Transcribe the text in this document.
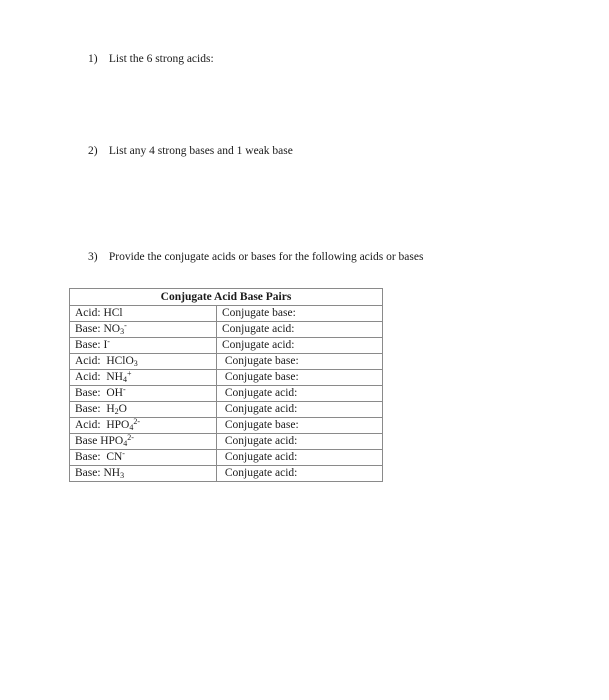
1) List the 6 strong acids:
2) List any 4 strong bases and 1 weak base
3) Provide the conjugate acids or bases for the following acids or bases
Conjugate Acid Base Pairs	
Acid: HCl	Conjugate base:
Base: $NO_3^-$	Conjugate acid:
Base: I-	Conjugate acid:
Acid:  HClO$_3$	Conjugate base:
Acid:  $NH_4^+$	Conjugate base:
Base:  OH-	Conjugate acid:
Base:  $H_2O$	Conjugate acid:
Acid:  $HPO_4^{2-}$	Conjugate base:
Base $HPO_4^{2-}$	Conjugate acid:
Base:  CN-	Conjugate acid:
Base: $NH_3$	Conjugate acid:
